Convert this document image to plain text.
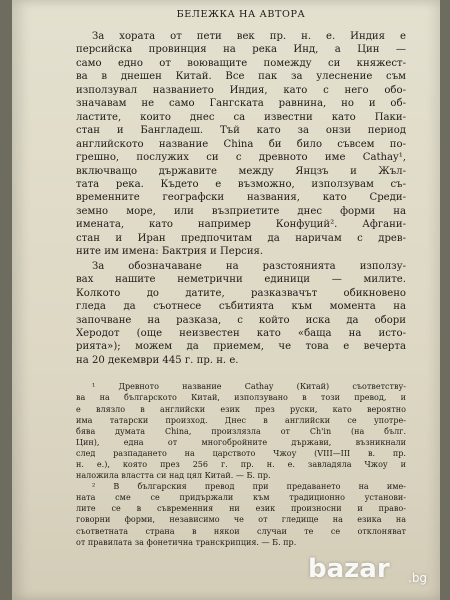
БЕЛЕЖКА НА АВТОРА
За хората от пети век пр. н. е. Индия е
персийска провинция на река Инд, а Цин —
само едно от воюващите помежду си княжест-
ва в днешен Китай. Все пак за улеснение съм
използувал названието Индия, като с него обо-
значавам не само Гангската равнина, но и об-
ластите, които днес са известни като Паки-
стан и Бангладеш. Тъй като за онзи период
английското название China би било съвсем по-
грешно, послужих си с древното име Cathay¹,
включващо държавите между Янцзъ и Жъл-
тата река. Където е възможно, използувам съ-
временните географски названия, като Среди-
земно море, или възприетите днес форми на
имената, като например Конфуций². Афгани-
стан и Иран предпочитам да наричам с древ-
ните им имена: Бактрия и Персия.
За обозначаване на разстоянията използу-
вах нашите неметрични единици — милите.
Колкото до датите, разказвачът обикновено
гледа да съотнесе събитията към момента на
започване на разказа, с който иска да обори
Херодот (още неизвестен като «баща на исто-
рията»); можем да приемем, че това е вечерта
на 20 декември 445 г. пр. н. е.
¹ Древното название Cathay (Китай) съответству-
ва на българското Китай, използувано в този превод, и
е влязло в английски език през руски, като вероятно
има татарски произход. Днес в английски се употре-
бява думата China, произлязла от Ch'in (на бълг.
Цин), една от многобройните държави, възникнали
след разпадането на царството Чжоу (VIII—III в. пр.
н. е.), която през 256 г. пр. н. е. завладяла Чжоу и
наложила властта си над цял Китай. — Б. пр.
² В българския превод при предаването на име-
ната сме се придържали към традиционно установи-
лите се в съвременния ни език произносни и право-
говорни форми, независимо че от гледище на езика на
съответната страна в някои случаи те се отклоняват
от правилата за фонетична транскрипция. — Б. пр.
bazar .bg
